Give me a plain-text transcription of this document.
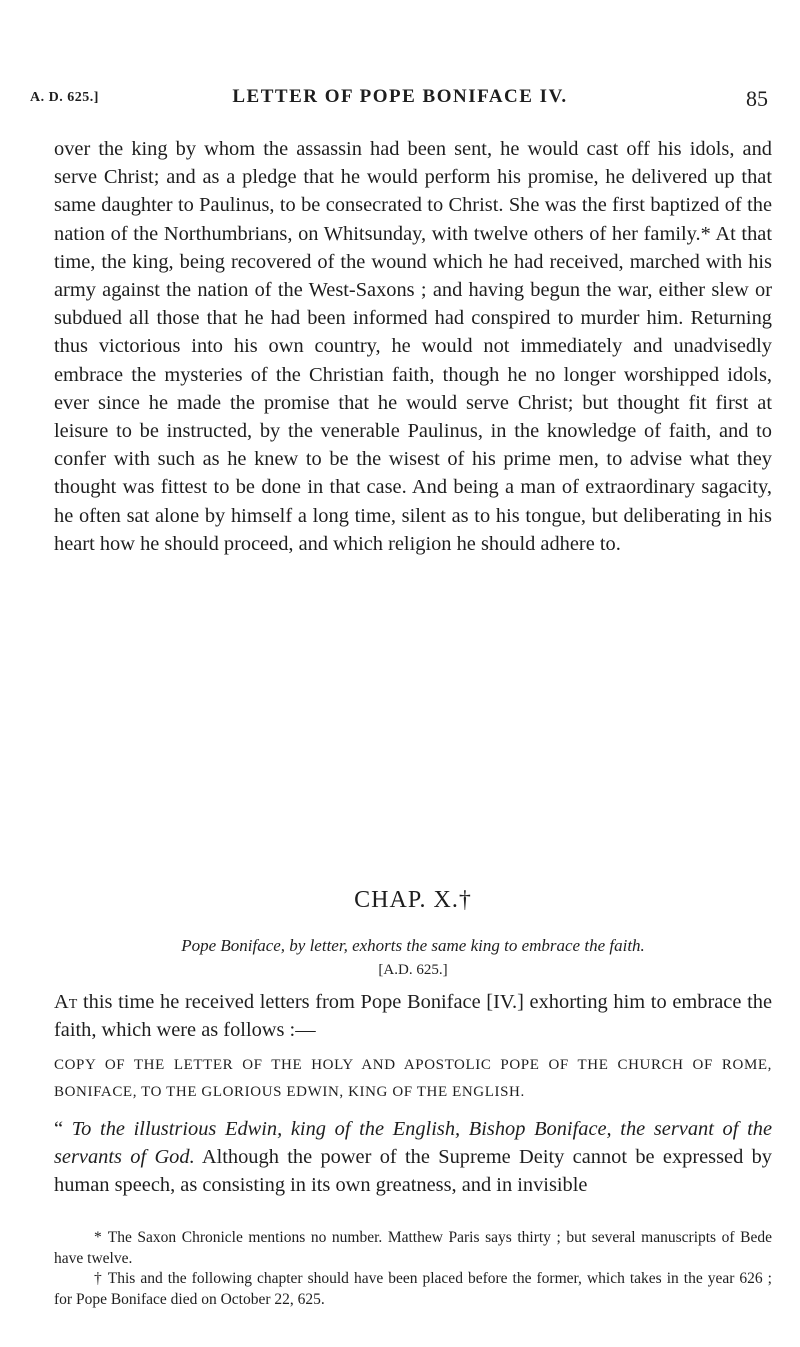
A. D. 625.]	LETTER OF POPE BONIFACE IV.	85

over the king by whom the assassin had been sent, he would cast off his idols, and serve Christ; and as a pledge that he would perform his promise, he delivered up that same daughter to Paulinus, to be consecrated to Christ. She was the first baptized of the nation of the Northumbrians, on Whitsunday, with twelve others of her family.* At that time, the king, being recovered of the wound which he had received, marched with his army against the nation of the West-Saxons ; and having begun the war, either slew or subdued all those that he had been informed had conspired to murder him. Returning thus victorious into his own country, he would not immediately and unadvisedly embrace the mysteries of the Christian faith, though he no longer worshipped idols, ever since he made the promise that he would serve Christ; but thought fit first at leisure to be instructed, by the venerable Paulinus, in the knowledge of faith, and to confer with such as he knew to be the wisest of his prime men, to advise what they thought was fittest to be done in that case. And being a man of extraordinary sagacity, he often sat alone by himself a long time, silent as to his tongue, but deliberating in his heart how he should proceed, and which religion he should adhere to.

CHAP. X.†
Pope Boniface, by letter, exhorts the same king to embrace the faith.
[A.D. 625.]

At this time he received letters from Pope Boniface [IV.] exhorting him to embrace the faith, which were as follows :—

COPY OF THE LETTER OF THE HOLY AND APOSTOLIC POPE OF THE CHURCH OF ROME, BONIFACE, TO THE GLORIOUS EDWIN, KING OF THE ENGLISH.

“ To the illustrious Edwin, king of the English, Bishop Boniface, the servant of the servants of God. Although the power of the Supreme Deity cannot be expressed by human speech, as consisting in its own greatness, and in invisible

* The Saxon Chronicle mentions no number. Matthew Paris says thirty ; but several manuscripts of Bede have twelve.

† This and the following chapter should have been placed before the former, which takes in the year 626 ; for Pope Boniface died on October 22, 625.
